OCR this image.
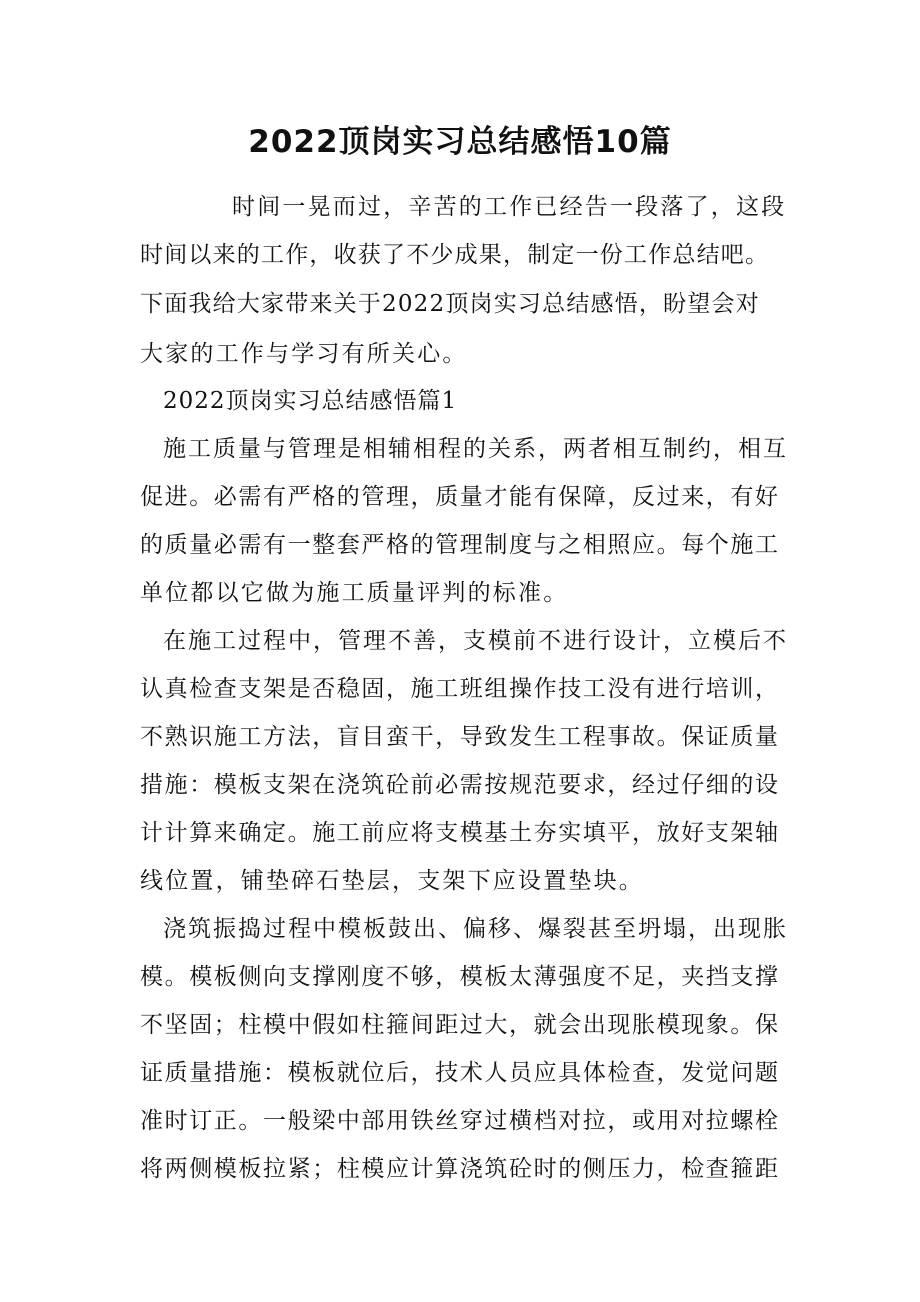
2022顶岗实习总结感悟10篇
时间一晃而过，辛苦的工作已经告一段落了，这段
时间以来的工作，收获了不少成果，制定一份工作总结吧。
下面我给大家带来关于2022顶岗实习总结感悟，盼望会对
大家的工作与学习有所关心。
2022顶岗实习总结感悟篇1
施工质量与管理是相辅相程的关系，两者相互制约，相互
促进。必需有严格的管理，质量才能有保障，反过来，有好
的质量必需有一整套严格的管理制度与之相照应。每个施工
单位都以它做为施工质量评判的标准。
在施工过程中，管理不善，支模前不进行设计，立模后不
认真检查支架是否稳固，施工班组操作技工没有进行培训，
不熟识施工方法，盲目蛮干，导致发生工程事故。保证质量
措施：模板支架在浇筑砼前必需按规范要求，经过仔细的设
计计算来确定。施工前应将支模基土夯实填平，放好支架轴
线位置，铺垫碎石垫层，支架下应设置垫块。
浇筑振捣过程中模板鼓出、偏移、爆裂甚至坍塌，出现胀
模。模板侧向支撑刚度不够，模板太薄强度不足，夹挡支撑
不坚固；柱模中假如柱箍间距过大，就会出现胀模现象。保
证质量措施：模板就位后，技术人员应具体检查，发觉问题
准时订正。一般梁中部用铁丝穿过横档对拉，或用对拉螺栓
将两侧模板拉紧；柱模应计算浇筑砼时的侧压力，检查箍距
